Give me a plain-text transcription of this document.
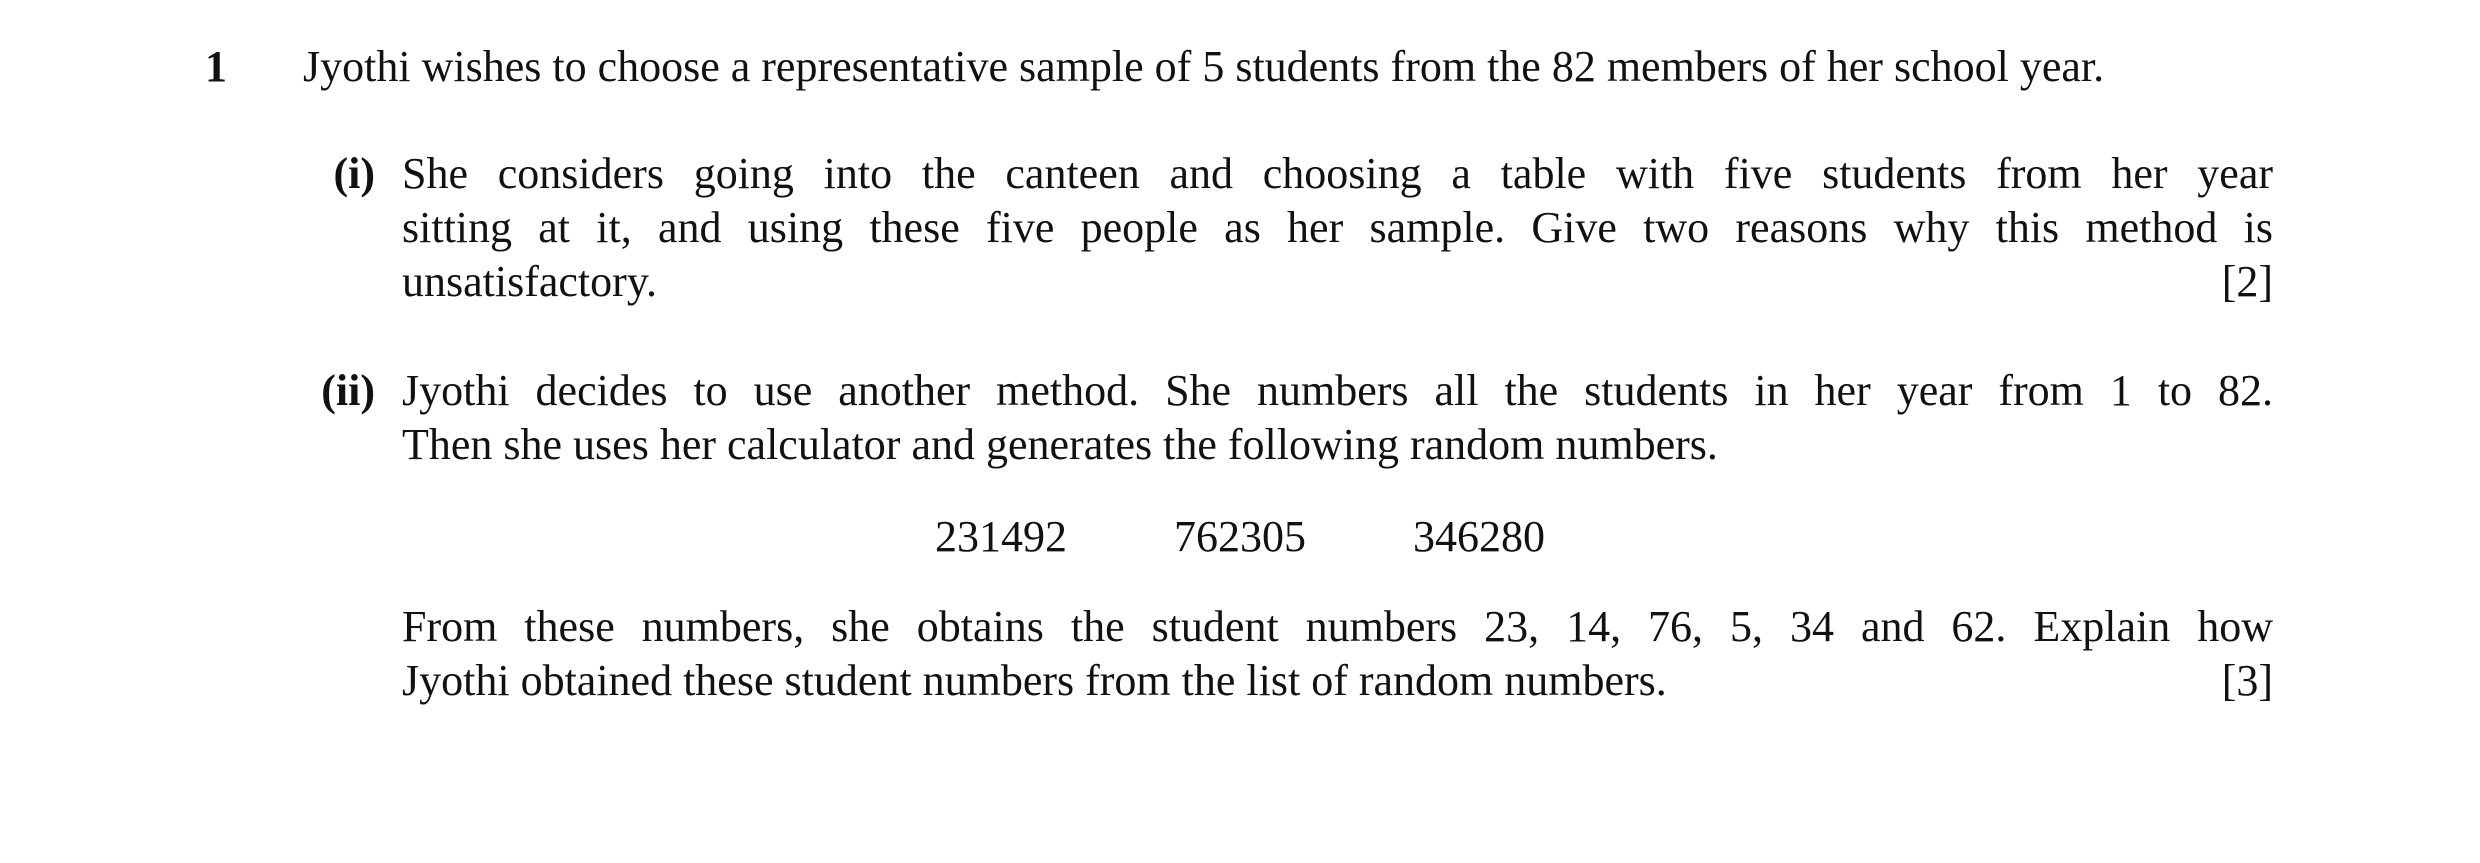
1 Jyothi wishes to choose a representative sample of 5 students from the 82 members of her school year.
(i) She considers going into the canteen and choosing a table with five students from her year
sitting at it, and using these five people as her sample. Give two reasons why this method is
unsatisfactory.	[2]
(ii) Jyothi decides to use another method. She numbers all the students in her year from 1 to 82.
Then she uses her calculator and generates the following random numbers.
231492 762305 346280
From these numbers, she obtains the student numbers 23, 14, 76, 5, 34 and 62. Explain how
Jyothi obtained these student numbers from the list of random numbers.	[3]
